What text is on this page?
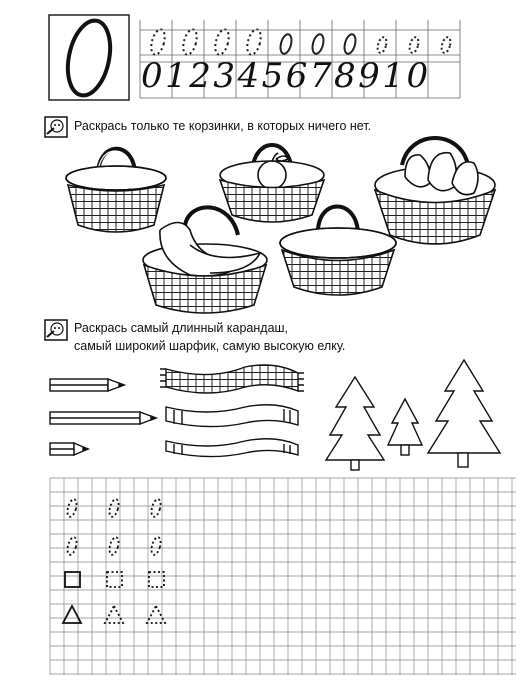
012345678910
Раскрась только те корзинки, в которых ничего нет.
Раскрась самый длинный карандаш,
самый широкий шарфик, самую высокую елку.
